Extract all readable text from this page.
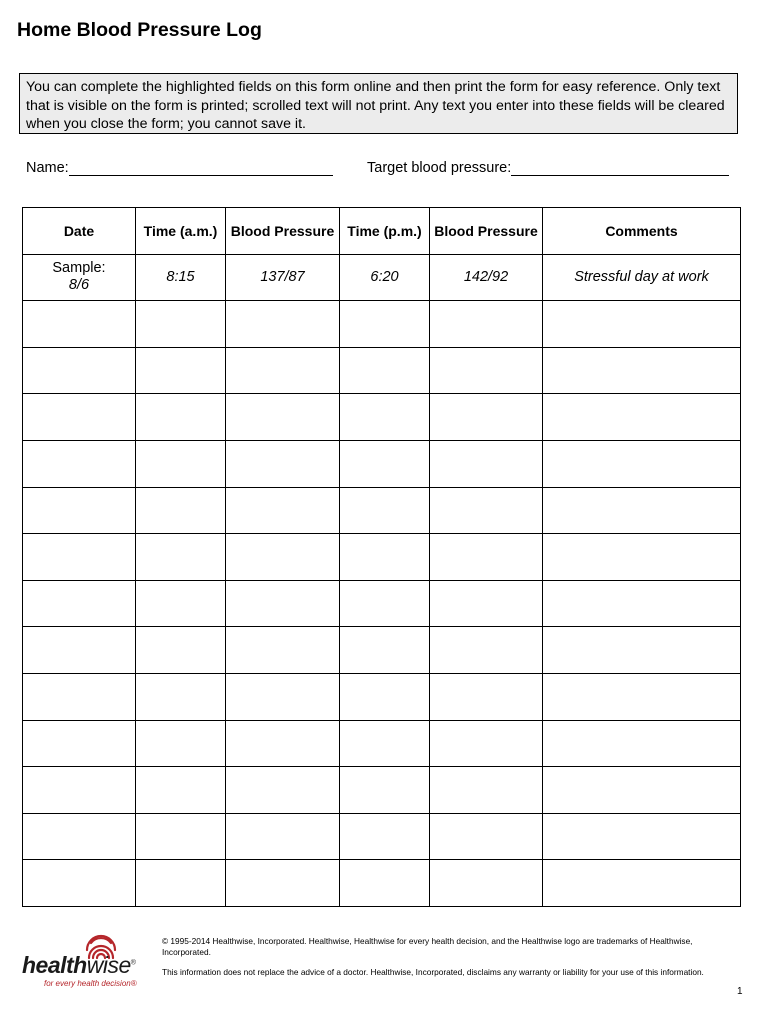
Home Blood Pressure Log
You can complete the highlighted fields on this form online and then print the form for easy reference. Only text that is visible on the form is printed; scrolled text will not print. Any text you enter into these fields will be cleared when you close the form; you cannot save it.
Name:	Target blood pressure:
Date	Time (a.m.)	Blood Pressure	Time (p.m.)	Blood Pressure	Comments
Sample:
8/6	8:15	137/87	6:20	142/92	Stressful day at work

healthwise®
for every health decision®
© 1995-2014 Healthwise, Incorporated. Healthwise, Healthwise for every health decision, and the Healthwise logo are trademarks of Healthwise, Incorporated.
This information does not replace the advice of a doctor. Healthwise, Incorporated, disclaims any warranty or liability for your use of this information.
1
